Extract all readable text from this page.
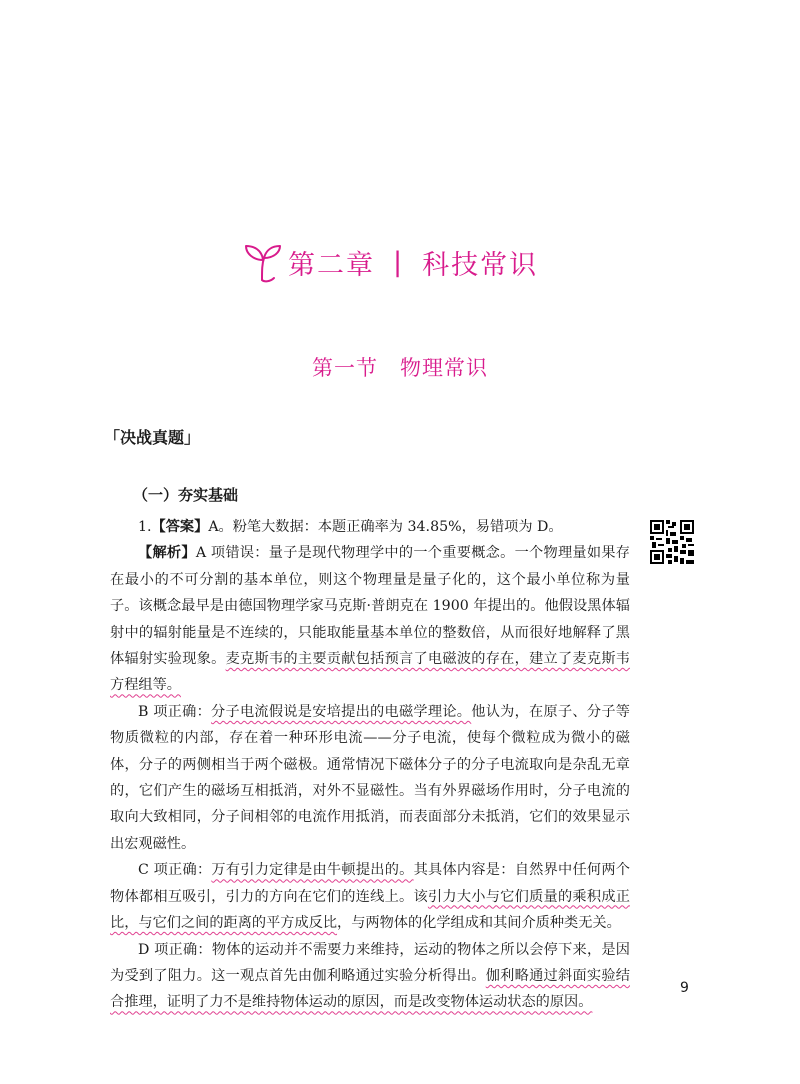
第二章 | 科技常识
第一节 物理常识
「决战真题」
（一）夯实基础

1.【答案】A。粉笔大数据：本题正确率为 34.85%，易错项为 D。

【解析】A 项错误：量子是现代物理学中的一个重要概念。一个物理量如果存在最小的不可分割的基本单位，则这个物理量是量子化的，这个最小单位称为量子。该概念最早是由德国物理学家马克斯·普朗克在 1900 年提出的。他假设黑体辐射中的辐射能量是不连续的，只能取能量基本单位的整数倍，从而很好地解释了黑体辐射实验现象。麦克斯韦的主要贡献包括预言了电磁波的存在，建立了麦克斯韦方程组等。

B 项正确：分子电流假说是安培提出的电磁学理论。他认为，在原子、分子等物质微粒的内部，存在着一种环形电流——分子电流，使每个微粒成为微小的磁体，分子的两侧相当于两个磁极。通常情况下磁体分子的分子电流取向是杂乱无章的，它们产生的磁场互相抵消，对外不显磁性。当有外界磁场作用时，分子电流的取向大致相同，分子间相邻的电流作用抵消，而表面部分未抵消，它们的效果显示出宏观磁性。

C 项正确：万有引力定律是由牛顿提出的。其具体内容是：自然界中任何两个物体都相互吸引，引力的方向在它们的连线上。该引力大小与它们质量的乘积成正比，与它们之间的距离的平方成反比，与两物体的化学组成和其间介质种类无关。

D 项正确：物体的运动并不需要力来维持，运动的物体之所以会停下来，是因为受到了阻力。这一观点首先由伽利略通过实验分析得出。伽利略通过斜面实验结合推理，证明了力不是维持物体运动的原因，而是改变物体运动状态的原因。

9
